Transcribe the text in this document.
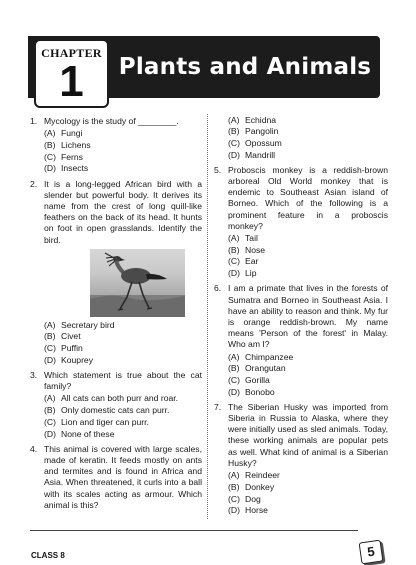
CHAPTER
1	Plants and Animals
1. Mycology is the study of ________.
(A) Fungi
(B) Lichens
(C) Ferns
(D) Insects
2. It is a long-legged African bird with a slender but powerful body. It derives its name from the crest of long quill-like feathers on the back of its head. It hunts on foot in open grasslands. Identify the bird.
(A) Secretary bird
(B) Civet
(C) Puffin
(D) Kouprey
3. Which statement is true about the cat family?
(A) All cats can both purr and roar.
(B) Only domestic cats can purr.
(C) Lion and tiger can purr.
(D) None of these
4. This animal is covered with large scales, made of keratin. It feeds mostly on ants and termites and is found in Africa and Asia. When threatened, it curls into a ball with its scales acting as armour. Which animal is this?
(A) Echidna
(B) Pangolin
(C) Opossum
(D) Mandrill
5. Proboscis monkey is a reddish-brown arboreal Old World monkey that is endemic to Southeast Asian island of Borneo. Which of the following is a prominent feature in a proboscis monkey?
(A) Tail
(B) Nose
(C) Ear
(D) Lip
6. I am a primate that lives in the forests of Sumatra and Borneo in Southeast Asia. I have an ability to reason and think. My fur is orange reddish-brown. My name means 'Person of the forest' in Malay. Who am I?
(A) Chimpanzee
(B) Orangutan
(C) Gorilla
(D) Bonobo
7. The Siberian Husky was imported from Siberia in Russia to Alaska, where they were initially used as sled animals. Today, these working animals are popular pets as well. What kind of animal is a Siberian Husky?
(A) Reindeer
(B) Donkey
(C) Dog
(D) Horse
CLASS 8	5
